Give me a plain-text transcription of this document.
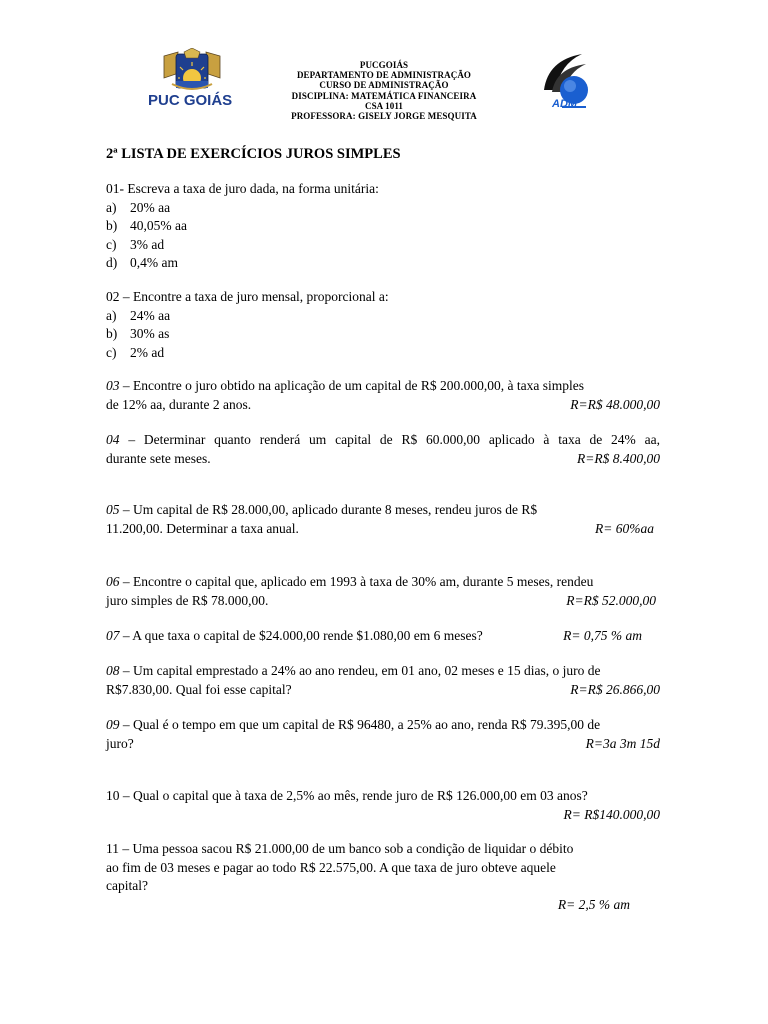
PUC GOIÁS	ADM
PUCGOIÁS
DEPARTAMENTO DE ADMINISTRAÇÃO
CURSO DE ADMINISTRAÇÃO
DISCIPLINA: MATEMÁTICA FINANCEIRA
CSA 1011
PROFESSORA: GISELY JORGE MESQUITA
2ª LISTA DE EXERCÍCIOS JUROS SIMPLES
01- Escreva a taxa de juro dada, na forma unitária:
a) 20% aa
b) 40,05% aa
c) 3% ad
d) 0,4% am
02 – Encontre a taxa de juro mensal, proporcional a:
a) 24% aa
b) 30% as
c) 2% ad
03 – Encontre o juro obtido na aplicação de um capital de R$ 200.000,00, à taxa simples
de 12% aa, durante 2 anos.	R=R$ 48.000,00
04 – Determinar quanto renderá um capital de R$ 60.000,00 aplicado à taxa de 24% aa,
durante sete meses.	R=R$ 8.400,00
05 – Um capital de R$ 28.000,00, aplicado durante 8 meses, rendeu juros de R$
11.200,00. Determinar a taxa anual.	R= 60%aa
06 – Encontre o capital que, aplicado em 1993 à taxa de 30% am, durante 5 meses, rendeu
juro simples de R$ 78.000,00.	R=R$ 52.000,00
07 – A que taxa o capital de $24.000,00 rende $1.080,00 em 6 meses?	R= 0,75 % am
08 – Um capital emprestado a 24% ao ano rendeu, em 01 ano, 02 meses e 15 dias, o juro de
R$7.830,00. Qual foi esse capital?	R=R$ 26.866,00
09 – Qual é o tempo em que um capital de R$ 96480, a 25% ao ano, renda R$ 79.395,00 de
juro?	R=3a 3m 15d
10 – Qual o capital que à taxa de 2,5% ao mês, rende juro de R$ 126.000,00 em 03 anos?

R= R$140.000,00
11 – Uma pessoa sacou R$ 21.000,00 de um banco sob a condição de liquidar o débito
ao fim de 03 meses e pagar ao todo R$ 22.575,00. A que taxa de juro obteve aquele
capital?

R= 2,5 % am
